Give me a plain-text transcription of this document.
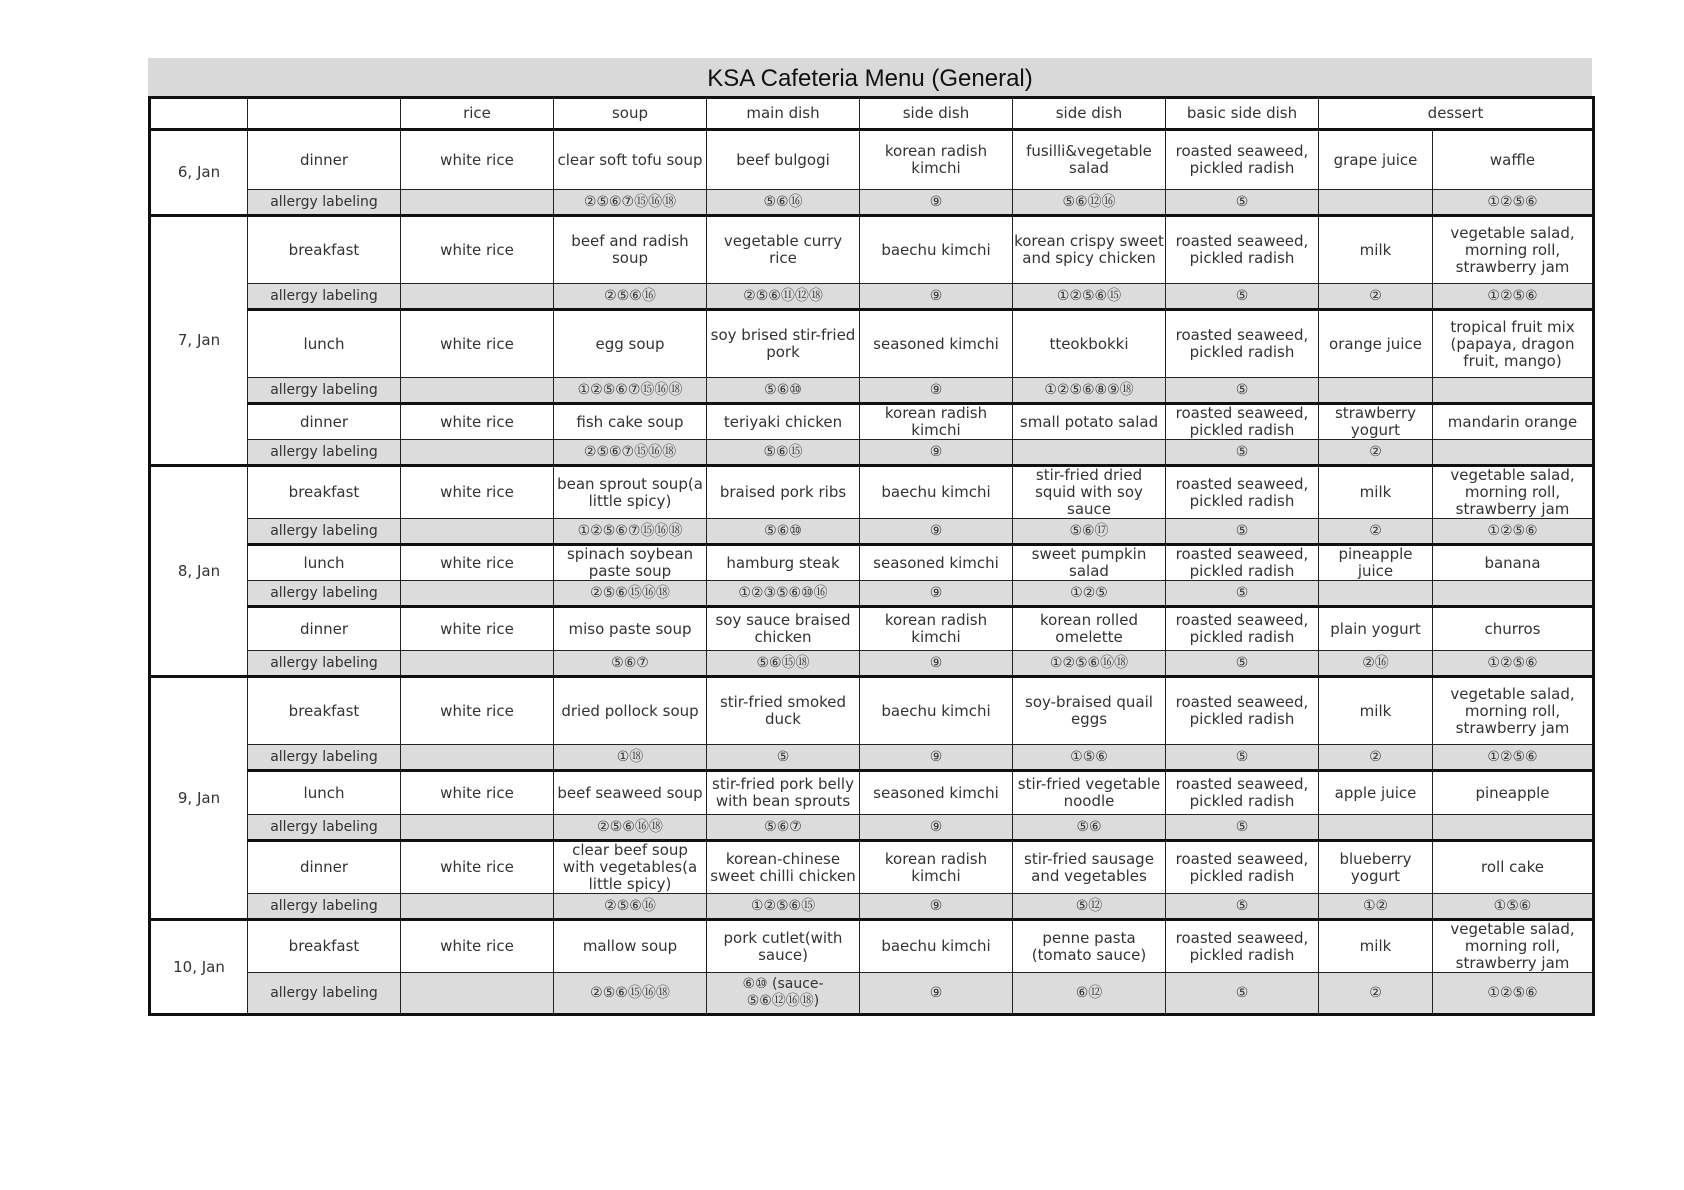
KSA Cafeteria Menu (General)
		rice	soup	main dish	side dish	side dish	basic side dish	dessert	
6, Jan	dinner	white rice	clear soft tofu soup	beef bulgogi	korean radish kimchi	fusilli&vegetable salad	roasted seaweed, pickled radish	grape juice	waffle
	allergy labeling		②⑤⑥⑦⑮⑯⑱	⑤⑥⑯	⑨	⑤⑥⑫⑯	⑤		①②⑤⑥
7, Jan	breakfast	white rice	beef and radish soup	vegetable curry rice	baechu kimchi	korean crispy sweet and spicy chicken	roasted seaweed, pickled radish	milk	vegetable salad, morning roll, strawberry jam
	allergy labeling		②⑤⑥⑯	②⑤⑥⑪⑫⑱	⑨	①②⑤⑥⑮	⑤	②	①②⑤⑥
	lunch	white rice	egg soup	soy brised stir-fried pork	seasoned kimchi	tteokbokki	roasted seaweed, pickled radish	orange juice	tropical fruit mix (papaya, dragon fruit, mango)
	allergy labeling		①②⑤⑥⑦⑮⑯⑱	⑤⑥⑩	⑨	①②⑤⑥⑧⑨⑱	⑤		
	dinner	white rice	fish cake soup	teriyaki chicken	korean radish kimchi	small potato salad	roasted seaweed, pickled radish	strawberry yogurt	mandarin orange
	allergy labeling		②⑤⑥⑦⑮⑯⑱	⑤⑥⑮	⑨		⑤	②	
8, Jan	breakfast	white rice	bean sprout soup(a little spicy)	braised pork ribs	baechu kimchi	stir-fried dried squid with soy sauce	roasted seaweed, pickled radish	milk	vegetable salad, morning roll, strawberry jam
	allergy labeling		①②⑤⑥⑦⑮⑯⑱	⑤⑥⑩	⑨	⑤⑥⑰	⑤	②	①②⑤⑥
	lunch	white rice	spinach soybean paste soup	hamburg steak	seasoned kimchi	sweet pumpkin salad	roasted seaweed, pickled radish	pineapple juice	banana
	allergy labeling		②⑤⑥⑮⑯⑱	①②③⑤⑥⑩⑯	⑨	①②⑤	⑤		
	dinner	white rice	miso paste soup	soy sauce braised chicken	korean radish kimchi	korean rolled omelette	roasted seaweed, pickled radish	plain yogurt	churros
	allergy labeling		⑤⑥⑦	⑤⑥⑮⑱	⑨	①②⑤⑥⑯⑱	⑤	②⑯	①②⑤⑥
9, Jan	breakfast	white rice	dried pollock soup	stir-fried smoked duck	baechu kimchi	soy-braised quail eggs	roasted seaweed, pickled radish	milk	vegetable salad, morning roll, strawberry jam
	allergy labeling		①⑱	⑤	⑨	①⑤⑥	⑤	②	①②⑤⑥
	lunch	white rice	beef seaweed soup	stir-fried pork belly with bean sprouts	seasoned kimchi	stir-fried vegetable noodle	roasted seaweed, pickled radish	apple juice	pineapple
	allergy labeling		②⑤⑥⑯⑱	⑤⑥⑦	⑨	⑤⑥	⑤		
	dinner	white rice	clear beef soup with vegetables(a little spicy)	korean-chinese sweet chilli chicken	korean radish kimchi	stir-fried sausage and vegetables	roasted seaweed, pickled radish	blueberry yogurt	roll cake
	allergy labeling		②⑤⑥⑯	①②⑤⑥⑮	⑨	⑤⑫	⑤	①②	①⑤⑥
10, Jan	breakfast	white rice	mallow soup	pork cutlet(with sauce)	baechu kimchi	penne pasta (tomato sauce)	roasted seaweed, pickled radish	milk	vegetable salad, morning roll, strawberry jam
	allergy labeling		②⑤⑥⑮⑯⑱	⑥⑩ (sauce-⑤⑥⑫⑯⑱)	⑨	⑥⑫	⑤	②	①②⑤⑥
